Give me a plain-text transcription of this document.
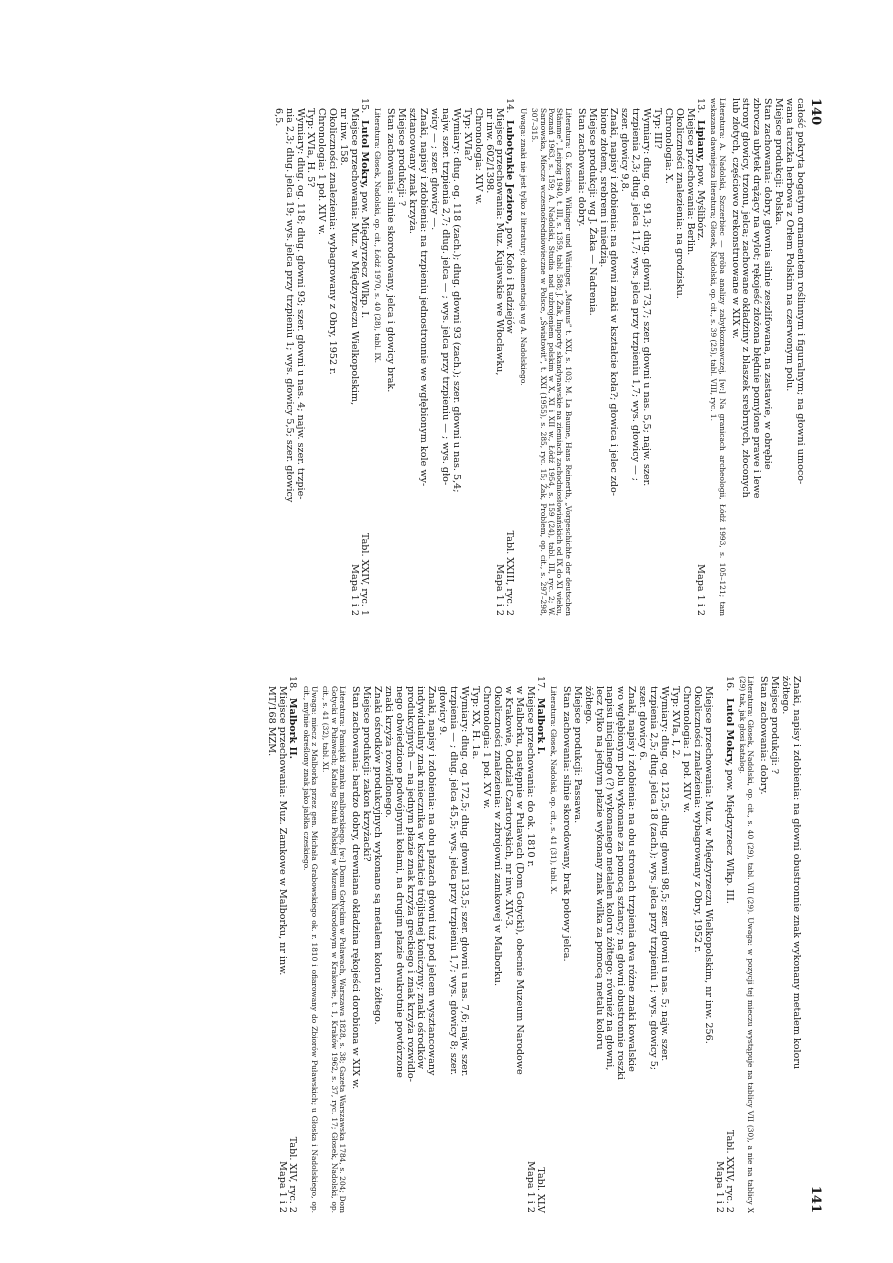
140

całość pokryta bogatym ornamentem roślinnym i figuralnym; na głowni umoco-

wana tarczka herbowa z Orłem Polskim na czerwonym polu.

Miejsce produkcji: Polska.

Stan zachowania: dobry, głownia silnie zeszlifowana, na zastawie, w obrębie

zbrocza ubytek drążący na wylot; rękojeść złożona błędnie pomylone prawe i lewe

strony głowicy, trzonu, jelca; zachowane okładziny z blaszek srebrnych, złoconych

lub złotych, częściowo zrekonstruowane w XIX w.

Literatura: A. Nadolski, Szczerbiec — próba analizy zabytkoznawczej, [w:] Na granicach archeologii, Łódź 1993, s. 105–121; tam wskazana dawniejsza literatura; Głosek, Nadolski, op. cit., s. 39 (25), tabl. VIII, ryc. 1.

13.Lipiany, pow. Myślibórz.
Mapa 1 i 2

Miejsce przechowania: Berlin.

Okoliczności znalezienia: na grodzisku.

Chronologia: X.

Typ: III?

Wymiary: dług. og. 91,3; dług. głowni 73,7; szer. głowni u nas. 5,5; najw. szer.

trzpienia 2,3; dług. jelca 11,7; wys. jelca przy trzpieniu 1,7; wys. głowicy — ;

szer. głowicy 9,8.

Znaki, napisy i zdobienia: na głowni znaki w kształcie koła?; głowica i jelec zdo-

bione złotem, srebrem i miedzią.

Miejsce produkcji: wg J. Żaka — Nadrenia.

Stan zachowania: dobry.

Literatura: G. Kossina, Wikinger und Wäringer, „Mannus” t. XXI, s. 103; M. La Baume, Hans Reinerth, „Vorgeschichte der deutschen Stämme”, Leipzig 1940, t. III, s. 1359, tabl. 588; J. Żak, Importy skandynawskie na ziemiach zachodniosłowiańskich od IX do XI wieku, Poznań 1963, s. 159; A. Nadolski, Studia nad uzbrojeniem polskim w X, XI i XII w., Łódź 1954, s. 159 (24), tabl. III, ryc. 2; W. Sarnowska, Miecze wczesnośredniowieczne w Polsce, „Światowit”, t. XXI (1955), s. 285, ryc. 15; Żak, Problem, op. cit., s. 297–298, 307–315.

Uwaga: znaki nie jest tylko z literatury; dokumentacja wg A. Nadolskiego.

14.Lubotynkie Jezioro, pow. Koło i Radziejów
Tabl. XXIII, ryc. 2

Miejsce przechowania: Muz. Kujawskie we Włocławku,

Mapa 1 i 2

nr inw. 602/1398.

Chronologia: XIV w.

Typ: XVIa?

Wymiary: dług. og. 118 (zach.); dług. głowni 93 (zach.); szer. głowni u nas. 5,4;

najw. szer. trzpienia 2,7; dług. jelca — ; wys. jelca przy trzpieniu — ; wys. gło-

wicy — ; szer. głowicy —.

Znaki, napisy i zdobienia: na trzpieniu jednostronnie we wgłębionym kole wy-

sztancowany znak krzyża.

Miejsce produkcji: ?

Stan zachowania: silnie skorodowany, jelca i głowicy brak.

Literatura: Głosek, Nadolski, op. cit., Łódź 1970, s. 40 (28), tabl. IX.

15.Lutol Mokry, pow. Międzyrzecz Wlkp. I.
Tabl. XXIV, ryc. 1

Miejsce przechowania: Muz. w Międzyrzeczu Wielkopolskim,

Mapa 1 i 2

nr inw. 158.

Okoliczności znalezienia: wybagrowany z Obry, 1952 r.

Chronologia: 1 poł. XIV w.

Typ: XVIa, H. 5?

Wymiary: dług. og. 118; dług. głowni 93; szer. głowni u nas. 4; najw. szer. trzpie-

nia 2,3; dług. jelca 19; wys. jelca przy trzpieniu 1; wys. głowicy 5,5; szer. głowicy

6,5.

141

Znaki, napisy i zdobienia: na głowni obustronnie znak wykonany metalem koloru

żółtego.

Miejsce produkcji: ?

Stan zachowania: dobry.

Literatura: Głosek, Nadolski, op. cit., s. 40 (29), tabl. VII (29). Uwaga: w pozycji tej mieczu wystąpuje na tablicy VII (30), a nie na tablicy X (29) tak, jak głosi katalog.

16.Lutol Mokry, pow. Międzyrzecz Wlkp. III.
Tabl. XXIV, ryc. 2
Mapa 1 i 2

Miejsce przechowania: Muz. w Międzyrzeczu Wielkopolskim, nr inw. 256.

Okoliczności znalezienia: wybagrowany z Obry, 1952 r.

Chronologia: 1 poł. XIV w.

Typ: XVIa, I, 2.

Wymiary: dług. og. 123,5; dług. głowni 98,5; szer. głowni u nas. 5; najw. szer.

trzpienia 2,5; dług. jelca 18 (zach.); wys. jelca przy trzpieniu 1; wys. głowicy 5;

szer. głowicy 6.

Znaki, napisy i zdobienia: na obu stronach trzpienia dwa różne znaki kowalskie

wo wgłębionym polu wykonane za pomocą sztancy; na głowni obustronnie roszki

napisu inicjalnego (?) wykonanego metalem koloru żółtego; również na głowni,

lecz tylko na jednym płazie wykonany znak wilka za pomocą metalu koloru

żółtego.

Miejsce produkcji: Passawa.

Stan zachowania: silnie skorodowany, brak połowy jelca.

Literatura: Głosek, Nadolski, op. cit., s. 41 (31), tabl. X.

17.Malbork I.
Tabl. XLV

Miejsce przechowania: do ok. 1810 r.

Mapa 1 i 2

w Malborku, następnie w Puławach (Dom Gotycki), obecnie Muzeum Narodowe

w Krakowie, Oddział Czartoryskich, nr inw. XIV-3.

Okoliczności znalezienia: w zbrojowni zamkowej w Malborku.

Chronologia: 1 poł. XV w.

Typ: XX, H. 1a.

Wymiary: dług. og. 172,5; dług. głowni 133,5; szer. głowni u nas. 7,6; najw. szer.

trzpienia — ; dług. jelca 45,5; wys. jelca przy trzpieniu 1,7; wys. głowicy 8; szer.

głowicy 9.

Znaki, napisy i zdobienia: na obu płazach głowni tuż pod jelcem wysztancowany

indywidualny znak miecznika w kształcie trójlistnej koniczyny; znaki ośrodków

produkcyjnych — na jednym płazie znak krzyża greckiego i znak krzyża rozwidlo-

nego obwiedzione podwójnymi kołami, na drugim płazie dwukrotnie powtórzone

znaki krzyża rozwidlonego.

Znaki ośrodków produkcyjnych wykonano są metalem koloru żółtego.

Miejsce produkcji: zakon krzyżacki?

Stan zachowania: bardzo dobry, drewniana okładzina rękojeści dorobiona w XIX w.

Literatura: Pamiątki zamku malborskiego, [w:] Domu Gotyckim w Puławach, Warszawa 1828, s. 38; Gazeta Warszawska 1784, s. 204; Dom Gotycki w Puławach; Katalog Sztuki Polskiej w Muzeum Narodowym w Krakowie, t. 1, Kraków 1962, s. 37, ryc. 17; Głosek, Nadolski, op. cit., s. 41 (32), tabl. XI.

Uwaga: miecz z Malborka przez gen. Michała Grabowskiego ok. r. 1810 i ofiarowany do Zbiorów Puławskich; u Głoska i Nadolskiego, op. cit., mylnie określony znak jako jabłka czeskiego.

18.Malbork II.
Tabl. XIV, ryc. 2

Miejsce przechowania: Muz. Zamkowe w Malborku, nr inw.

Mapa 1 i 2

MT/168 MZM.
